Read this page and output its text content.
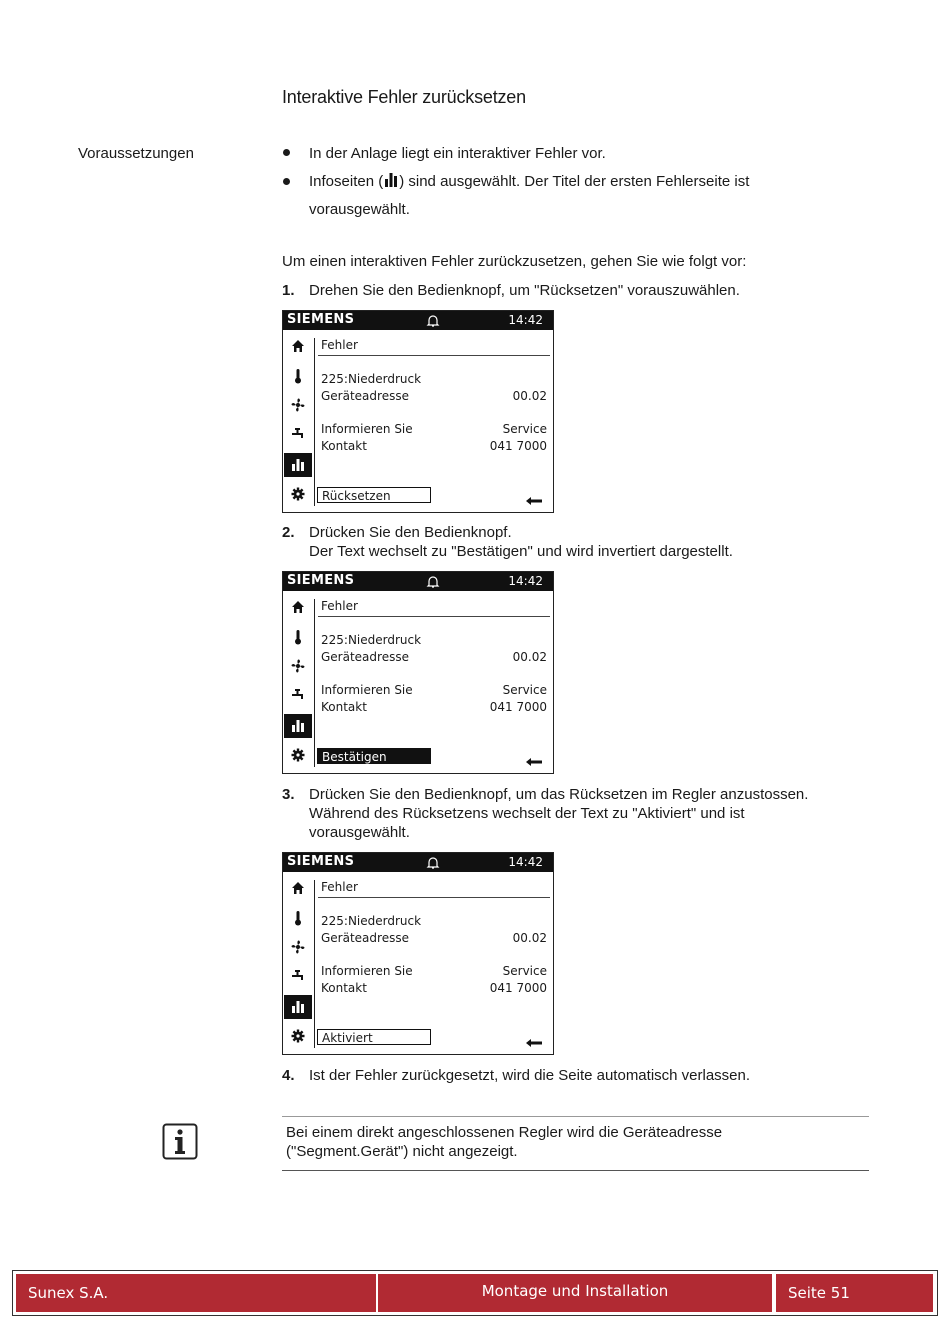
Interaktive Fehler zurücksetzen
Voraussetzungen	In der Anlage liegt ein interaktiver Fehler vor.
Infoseiten ( ) sind ausgewählt. Der Titel der ersten Fehlerseite ist
vorausgewählt.
Um einen interaktiven Fehler zurückzusetzen, gehen Sie wie folgt vor:
1. Drehen Sie den Bedienknopf, um "Rücksetzen" vorauszuwählen.
SIEMENS	14:42
Fehler
225:Niederdruck
Geräteadresse	00.02
Informieren Sie	Service
Kontakt	041 7000
Rücksetzen
2. Drücken Sie den Bedienknopf.
Der Text wechselt zu "Bestätigen" und wird invertiert dargestellt.
SIEMENS	14:42
Fehler
225:Niederdruck
Geräteadresse	00.02
Informieren Sie	Service
Kontakt	041 7000
Bestätigen
3. Drücken Sie den Bedienknopf, um das Rücksetzen im Regler anzustossen.
Während des Rücksetzens wechselt der Text zu "Aktiviert" und ist
vorausgewählt.
SIEMENS	14:42
Fehler
225:Niederdruck
Geräteadresse	00.02
Informieren Sie	Service
Kontakt	041 7000
Aktiviert
4. Ist der Fehler zurückgesetzt, wird die Seite automatisch verlassen.
Bei einem direkt angeschlossenen Regler wird die Geräteadresse
("Segment.Gerät") nicht angezeigt.
Sunex S.A.	Montage und Installation	Seite 51
